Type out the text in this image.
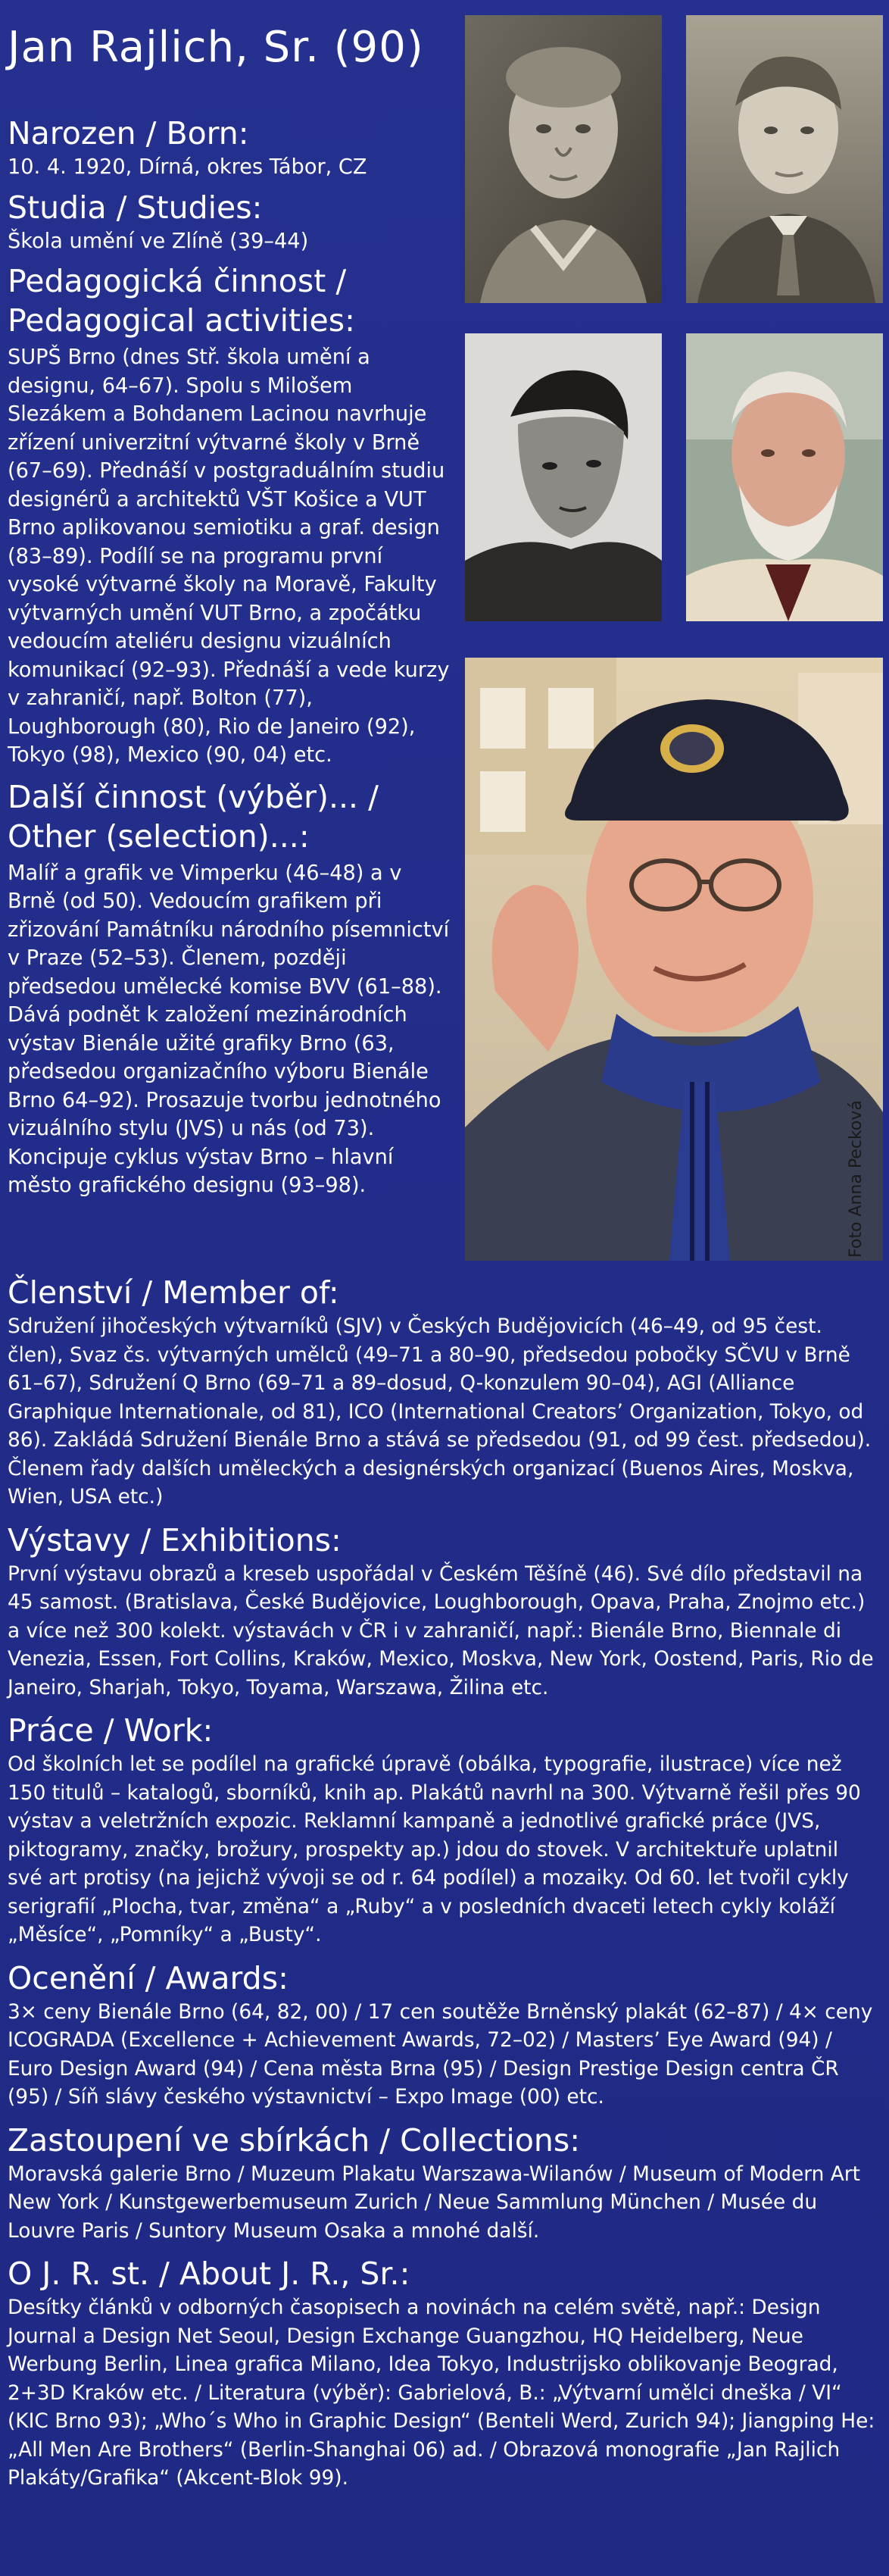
Jan Rajlich, Sr. (90)
Narozen / Born:

10. 4. 1920, Dírná, okres Tábor, CZ

Studia / Studies:

Škola umění ve Zlíně (39–44)

Pedagogická činnost / Pedagogical activities:

SUPŠ Brno (dnes Stř. škola umění a designu, 64–67). Spolu s Milošem Slezákem a Bohdanem Lacinou navrhuje zřízení univerzitní výtvarné školy v Brně (67–69). Přednáší v postgraduálním studiu designérů a architektů VŠT Košice a VUT Brno aplikovanou semiotiku a graf. design (83–89). Podílí se na programu první vysoké výtvarné školy na Moravě, Fakulty výtvarných umění VUT Brno, a zpočátku vedoucím ateliéru designu vizuálních komunikací (92–93). Přednáší a vede kurzy v zahraničí, např. Bolton (77), Loughborough (80), Rio de Janeiro (92), Tokyo (98), Mexico (90, 04) etc.

Další činnost (výběr)... / Other (selection)...:

Malíř a grafik ve Vimperku (46–48) a v Brně (od 50). Vedoucím grafikem při zřizování Památníku národního písemnictví v Praze (52–53). Členem, později předsedou umělecké komise BVV (61–88). Dává podnět k založení mezinárodních výstav Bienále užité grafiky Brno (63, předsedou organizačního výboru Bienále Brno 64–92). Prosazuje tvorbu jednotného vizuálního stylu (JVS) u nás (od 73). Koncipuje cyklus výstav Brno – hlavní město grafického designu (93–98).

Členství / Member of:

Sdružení jihočeských výtvarníků (SJV) v Českých Budějovicích (46–49, od 95 čest. člen), Svaz čs. výtvarných umělců (49–71 a 80–90, předsedou pobočky SČVU v Brně 61–67), Sdružení Q Brno (69–71 a 89–dosud, Q-konzulem 90–04), AGI (Alliance Graphique Internationale, od 81), ICO (International Creators’ Organization, Tokyo, od 86). Zakládá Sdružení Bienále Brno a stává se předsedou (91, od 99 čest. předsedou). Členem řady dalších uměleckých a designérských organizací (Buenos Aires, Moskva, Wien, USA etc.)

Výstavy / Exhibitions:

První výstavu obrazů a kreseb uspořádal v Českém Těšíně (46). Své dílo představil na 45 samost. (Bratislava, České Budějovice, Loughborough, Opava, Praha, Znojmo etc.) a více než 300 kolekt. výstavách v ČR i v zahraničí, např.: Bienále Brno, Biennale di Venezia, Essen, Fort Collins, Kraków, Mexico, Moskva, New York, Oostend, Paris, Rio de Janeiro, Sharjah, Tokyo, Toyama, Warszawa, Žilina etc.

Práce / Work:

Od školních let se podílel na grafické úpravě (obálka, typografie, ilustrace) více než 150 titulů – katalogů, sborníků, knih ap. Plakátů navrhl na 300. Výtvarně řešil přes 90 výstav a veletržních expozic. Reklamní kampaně a jednotlivé grafické práce (JVS, piktogramy, značky, brožury, prospekty ap.) jdou do stovek. V architektuře uplatnil své art protisy (na jejichž vývoji se od r. 64 podílel) a mozaiky. Od 60. let tvořil cykly serigrafií „Plocha, tvar, změna“ a „Ruby“ a v posledních dvaceti letech cykly koláží „Měsíce“, „Pomníky“ a „Busty“.

Ocenění / Awards:

3× ceny Bienále Brno (64, 82, 00) / 17 cen soutěže Brněnský plakát (62–87) / 4× ceny ICOGRADA (Excellence + Achievement Awards, 72–02) / Masters’ Eye Award (94) / Euro Design Award (94) / Cena města Brna (95) / Design Prestige Design centra ČR (95) / Síň slávy českého výstavnictví – Expo Image (00) etc.

Zastoupení ve sbírkách / Collections:

Moravská galerie Brno / Muzeum Plakatu Warszawa-Wilanów / Museum of Modern Art New York / Kunstgewerbemuseum Zurich / Neue Sammlung München / Musée du Louvre Paris / Suntory Museum Osaka a mnohé další.

O J. R. st. / About J. R., Sr.:

Desítky článků v odborných časopisech a novinách na celém světě, např.: Design Journal a Design Net Seoul, Design Exchange Guangzhou, HQ Heidelberg, Neue Werbung Berlin, Linea grafica Milano, Idea Tokyo, Industrijsko oblikovanje Beograd, 2+3D Kraków etc. / Literatura (výběr): Gabrielová, B.: „Výtvarní umělci dneška / VI“ (KIC Brno 93); „Who´s Who in Graphic Design“ (Benteli Werd, Zurich 94); Jiangping He: „All Men Are Brothers“ (Berlin-Shanghai 06) ad. / Obrazová monografie „Jan Rajlich Plakáty/Grafika“ (Akcent-Blok 99).

Foto Anna Pecková
